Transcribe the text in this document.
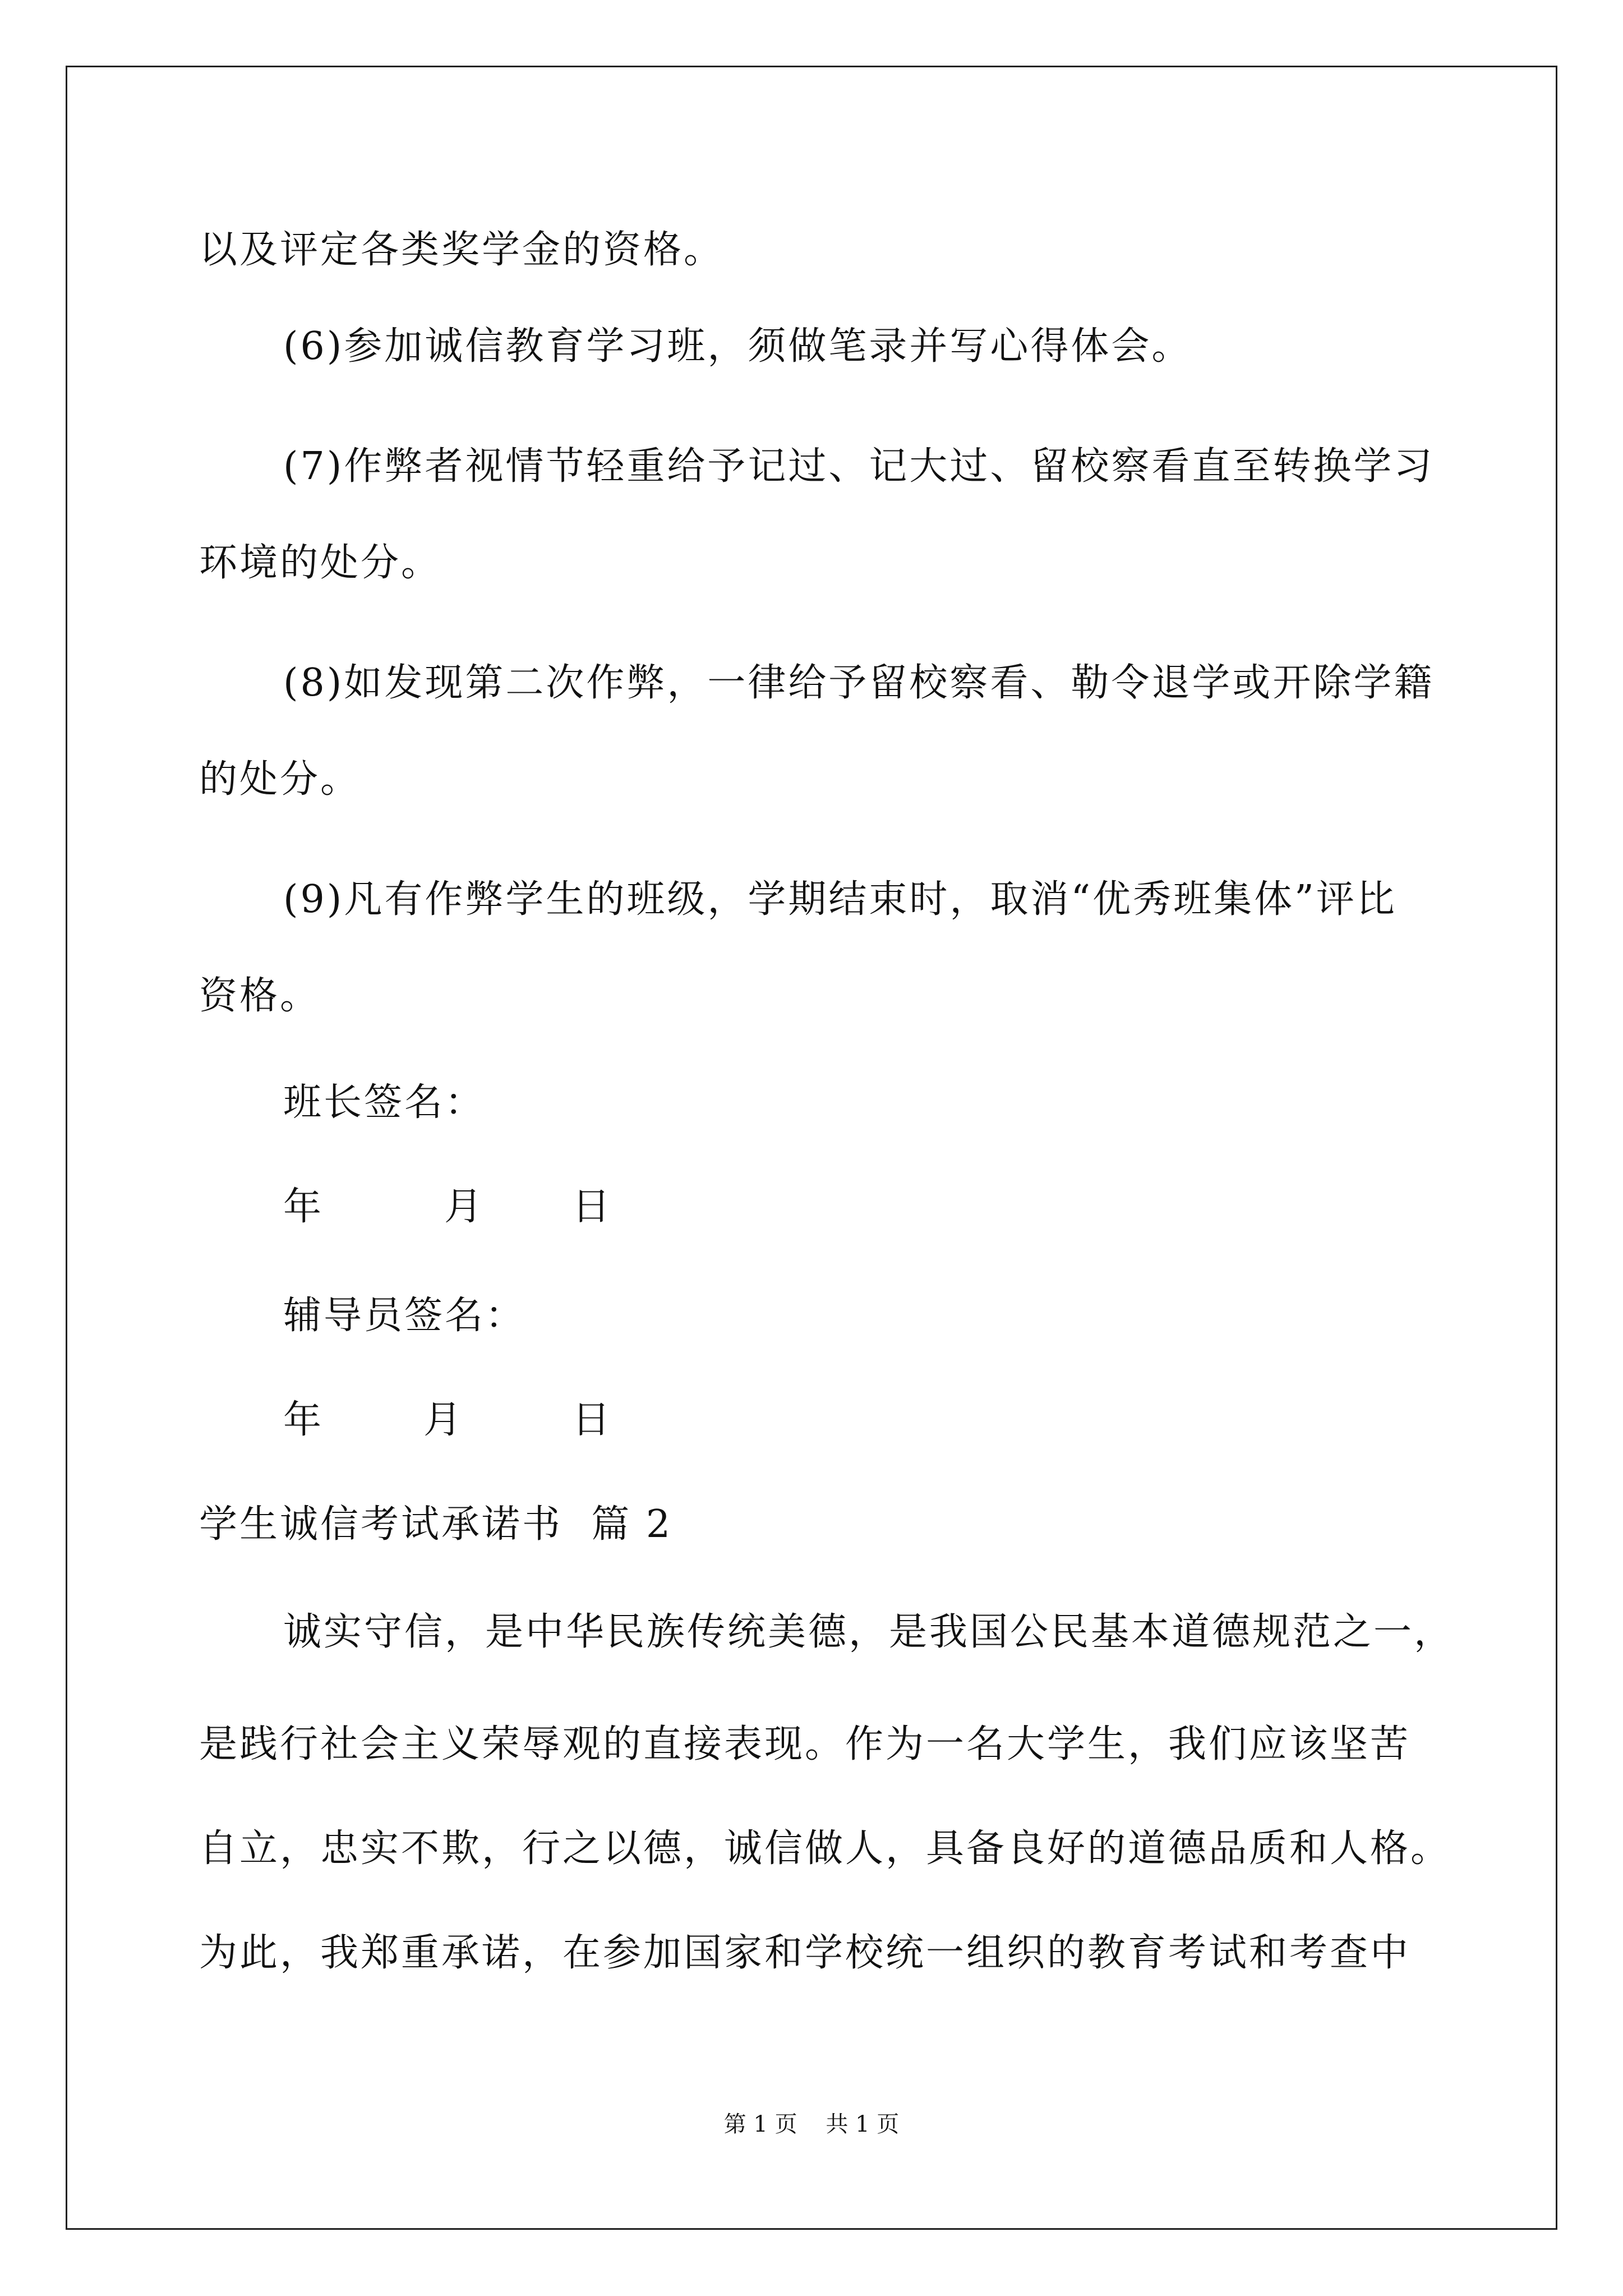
以及评定各类奖学金的资格。
(6)参加诚信教育学习班，须做笔录并写心得体会。
(7)作弊者视情节轻重给予记过、记大过、留校察看直至转换学习
环境的处分。
(8)如发现第二次作弊，一律给予留校察看、勒令退学或开除学籍
的处分。
(9)凡有作弊学生的班级，学期结束时，取消“优秀班集体”评比
资格。
班长签名：
年	月 日
辅导员签名：
年	月	日
学生诚信考试承诺书  篇 2
诚实守信，是中华民族传统美德，是我国公民基本道德规范之一，
是践行社会主义荣辱观的直接表现。作为一名大学生，我们应该坚苦
自立，忠实不欺，行之以德，诚信做人，具备良好的道德品质和人格。
为此，我郑重承诺，在参加国家和学校统一组织的教育考试和考查中
第 1 页    共 1 页
